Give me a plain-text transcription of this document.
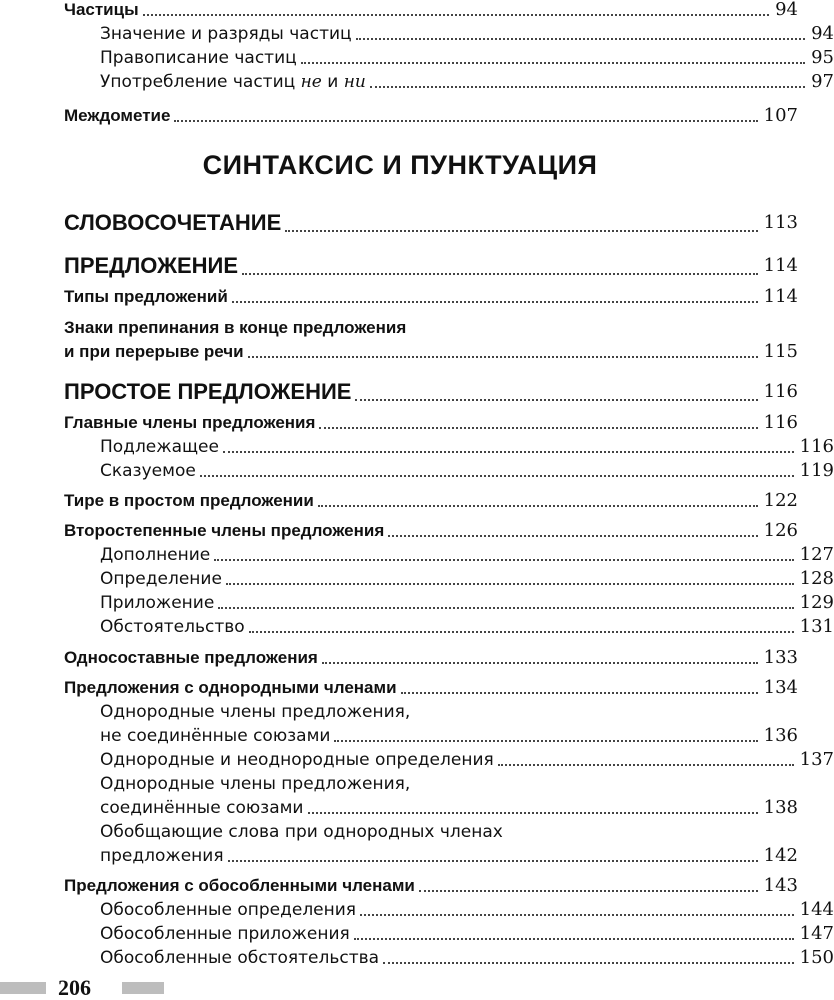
Частицы	94
Значение и разряды частиц	94
Правописание частиц	95
Употребление частиц не и ни	97
Междометие	107
СИНТАКСИС И ПУНКТУАЦИЯ
СЛОВОСОЧЕТАНИЕ	113
ПРЕДЛОЖЕНИЕ	114
Типы предложений	114
Знаки препинания в конце предложения
и при перерыве речи	115
ПРОСТОЕ ПРЕДЛОЖЕНИЕ	116
Главные члены предложения	116
Подлежащее	116
Сказуемое	119
Тире в простом предложении	122
Второстепенные члены предложения	126
Дополнение	127
Определение	128
Приложение	129
Обстоятельство	131
Односоставные предложения	133
Предложения с однородными членами	134
Однородные члены предложения,
не соединённые союзами	136
Однородные и неоднородные определения	137
Однородные члены предложения,
соединённые союзами	138
Обобщающие слова при однородных членах
предложения	142
Предложения с обособленными членами	143
Обособленные определения	144
Обособленные приложения	147
Обособленные обстоятельства	150
206
